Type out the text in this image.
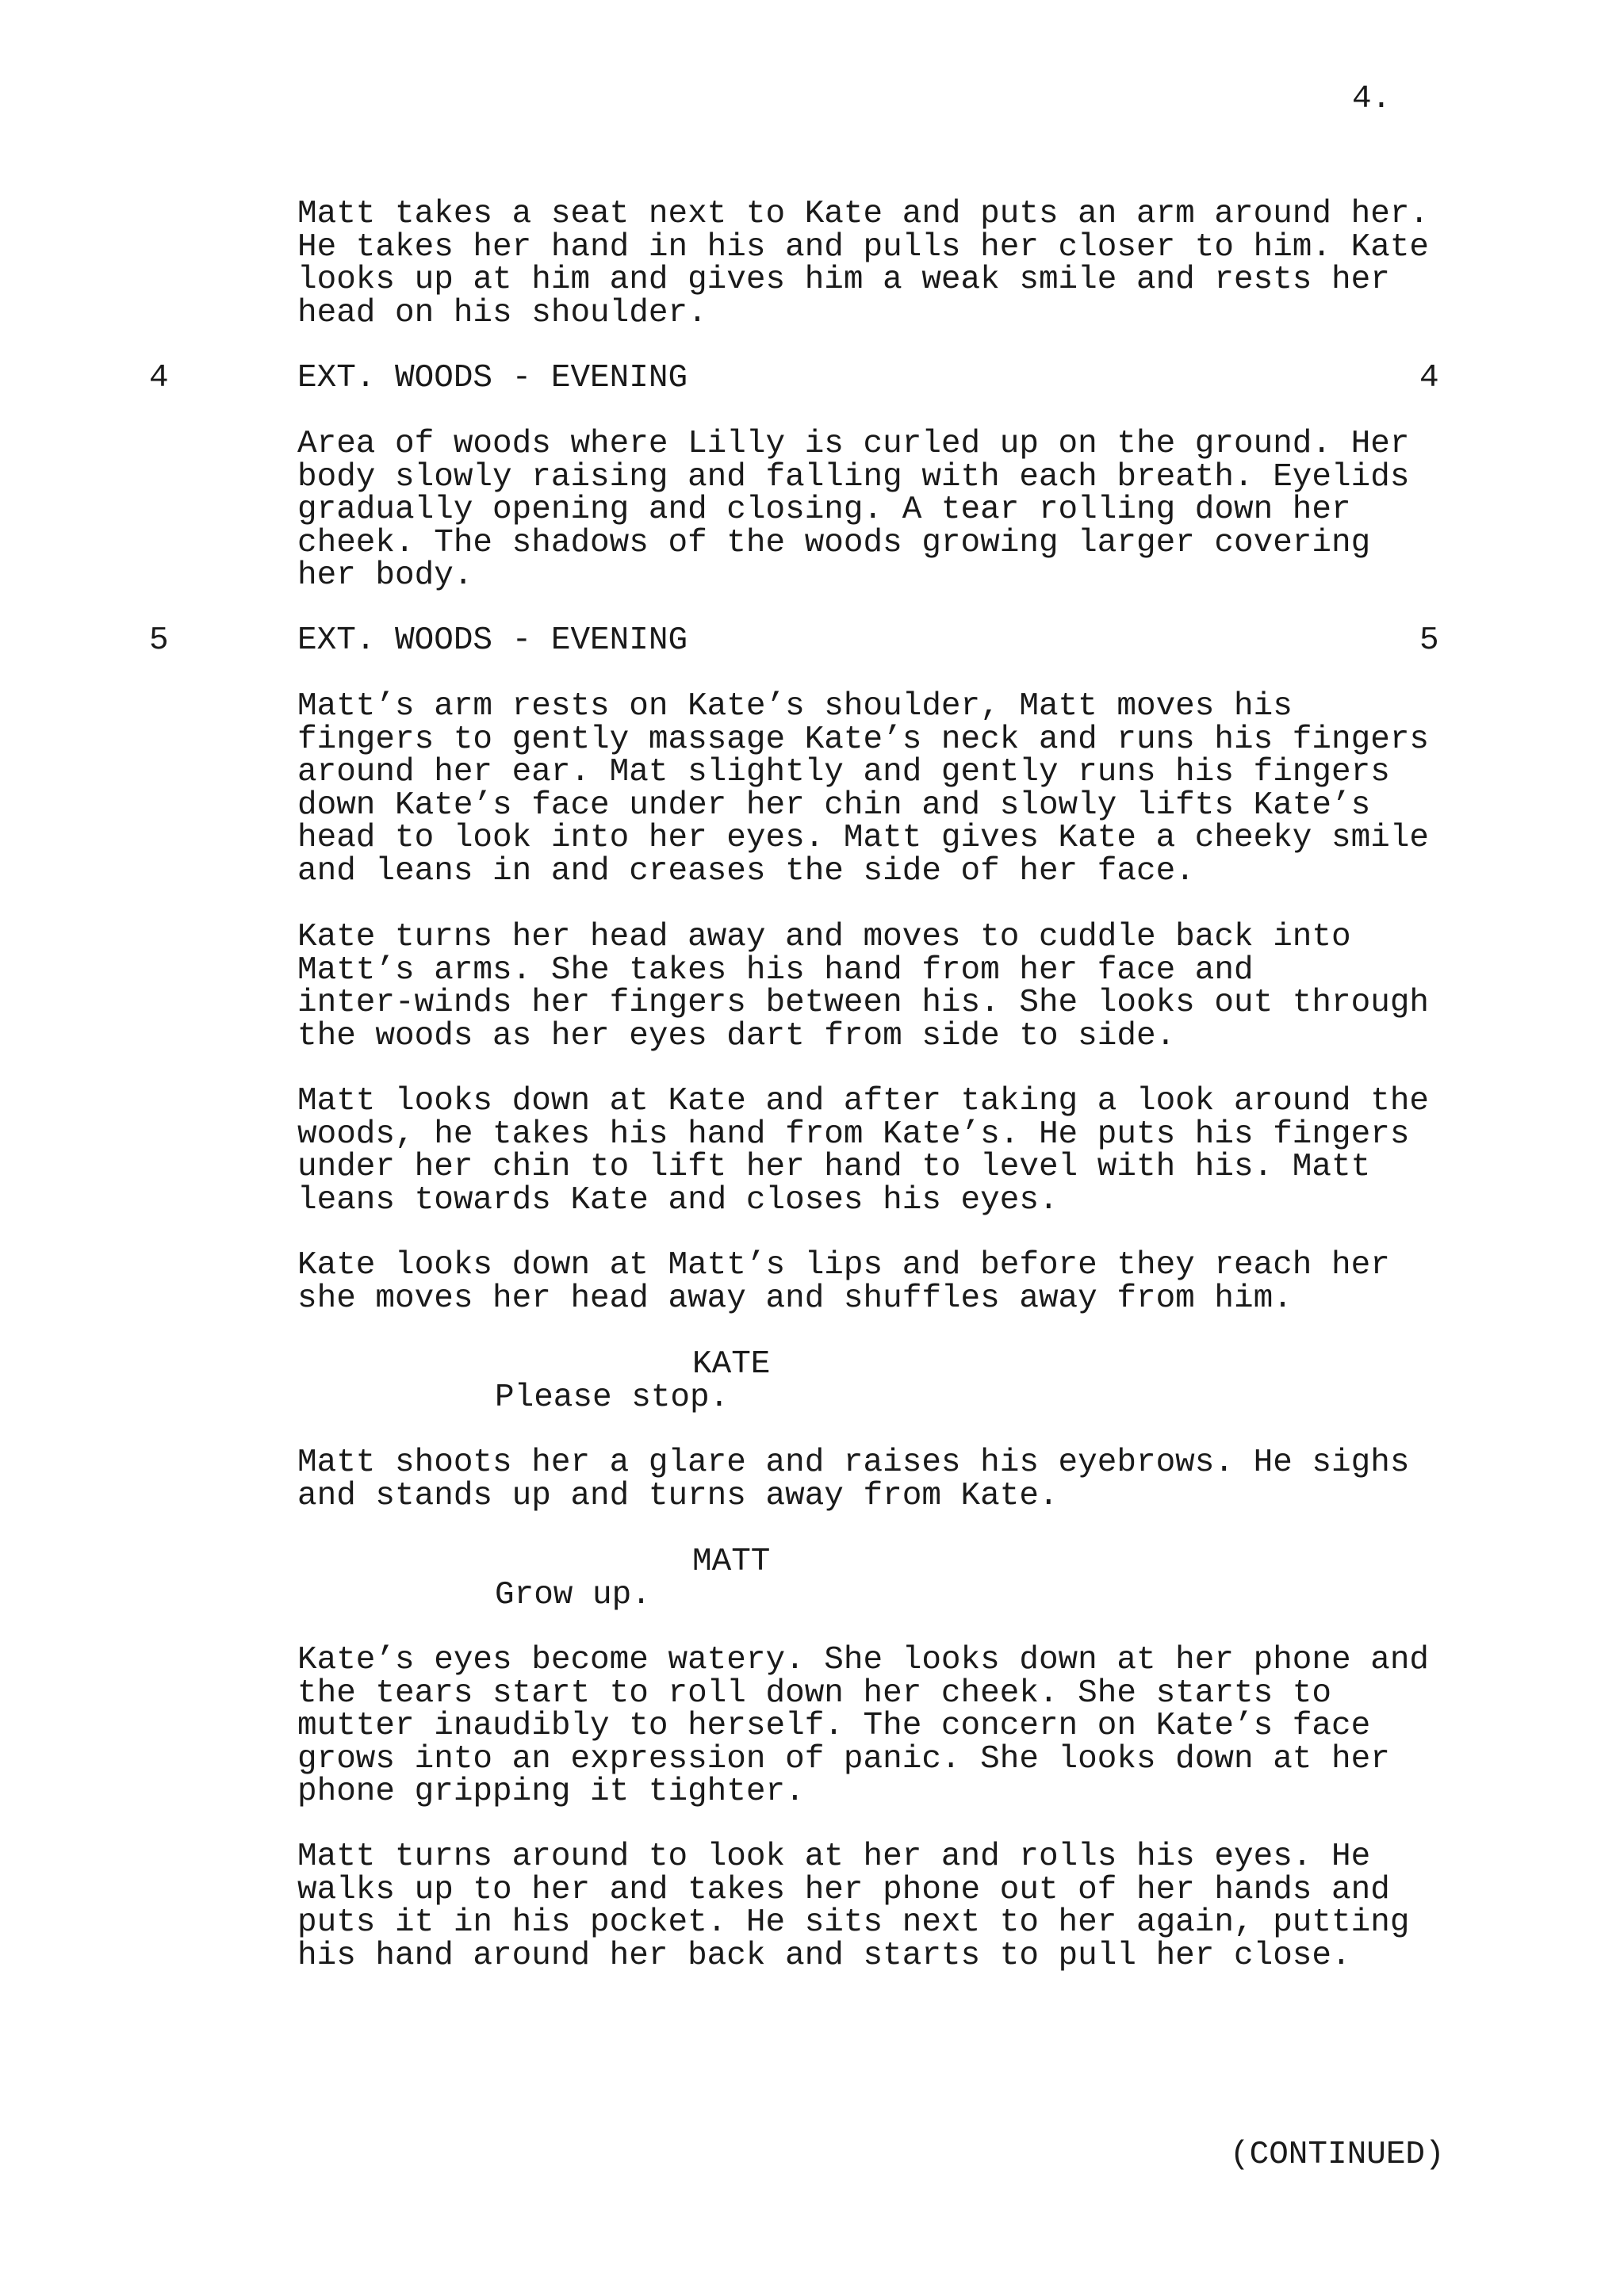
4.
Matt takes a seat next to Kate and puts an arm around her.
He takes her hand in his and pulls her closer to him. Kate
looks up at him and gives him a weak smile and rests her
head on his shoulder.
4	EXT. WOODS - EVENING	4
Area of woods where Lilly is curled up on the ground. Her
body slowly raising and falling with each breath. Eyelids
gradually opening and closing. A tear rolling down her
cheek. The shadows of the woods growing larger covering
her body.
5	EXT. WOODS - EVENING	5
Matt’s arm rests on Kate’s shoulder, Matt moves his
fingers to gently massage Kate’s neck and runs his fingers
around her ear. Mat slightly and gently runs his fingers
down Kate’s face under her chin and slowly lifts Kate’s
head to look into her eyes. Matt gives Kate a cheeky smile
and leans in and creases the side of her face.
Kate turns her head away and moves to cuddle back into
Matt’s arms. She takes his hand from her face and
inter-winds her fingers between his. She looks out through
the woods as her eyes dart from side to side.
Matt looks down at Kate and after taking a look around the
woods, he takes his hand from Kate’s. He puts his fingers
under her chin to lift her hand to level with his. Matt
leans towards Kate and closes his eyes.
Kate looks down at Matt’s lips and before they reach her
she moves her head away and shuffles away from him.
KATE
Please stop.
Matt shoots her a glare and raises his eyebrows. He sighs
and stands up and turns away from Kate.
MATT
Grow up.
Kate’s eyes become watery. She looks down at her phone and
the tears start to roll down her cheek. She starts to
mutter inaudibly to herself. The concern on Kate’s face
grows into an expression of panic. She looks down at her
phone gripping it tighter.
Matt turns around to look at her and rolls his eyes. He
walks up to her and takes her phone out of her hands and
puts it in his pocket. He sits next to her again, putting
his hand around her back and starts to pull her close.
(CONTINUED)
